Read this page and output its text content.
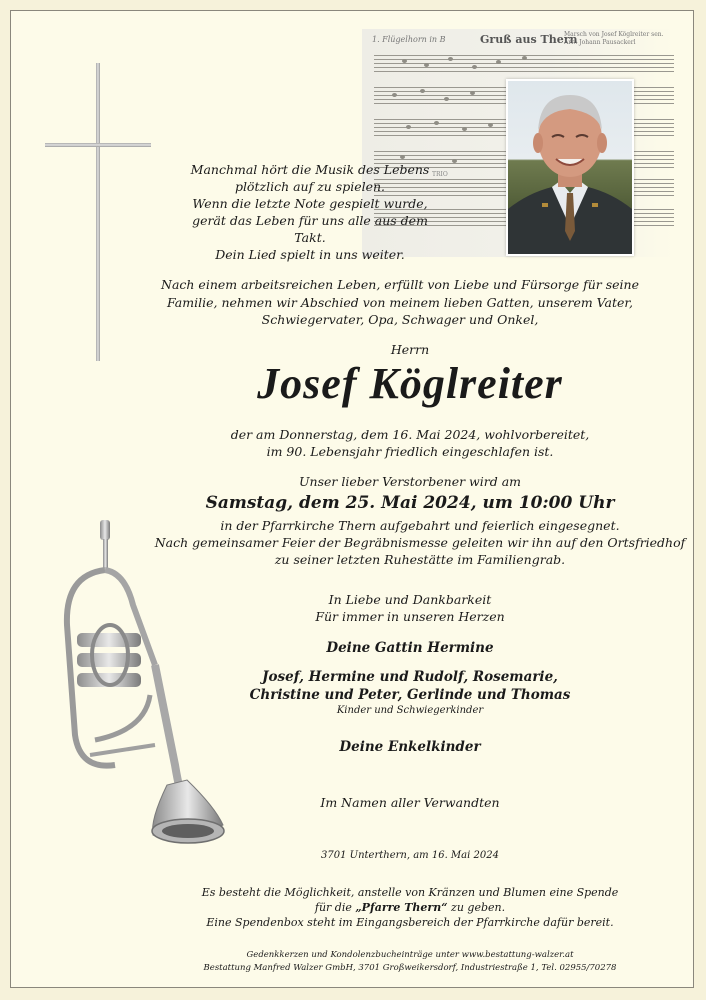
1. Flügelhorn in B	Gruß aus Thern
Marsch von Josef Köglreiter sen.
Arr.: Johann Pausackerl
TRIO
Manchmal hört die Musik des Lebens
plötzlich auf zu spielen.
Wenn die letzte Note gespielt wurde,
gerät das Leben für uns alle aus dem Takt.
Dein Lied spielt in uns weiter.
Nach einem arbeitsreichen Leben, erfüllt von Liebe und Fürsorge für seine
Familie, nehmen wir Abschied von meinem lieben Gatten, unserem Vater,
Schwiegervater, Opa, Schwager und Onkel,
Herrn
Josef Köglreiter
der am Donnerstag, dem 16. Mai 2024, wohlvorbereitet,
im 90. Lebensjahr friedlich eingeschlafen ist.
Unser lieber Verstorbener wird am
Samstag, dem 25. Mai 2024, um 10:00 Uhr
in der Pfarrkirche Thern aufgebahrt und feierlich eingesegnet.
Nach gemeinsamer Feier der Begräbnismesse geleiten wir ihn auf den Ortsfriedhof
zu seiner letzten Ruhestätte im Familiengrab.
In Liebe und Dankbarkeit
Für immer in unseren Herzen
Deine Gattin Hermine
Josef, Hermine und Rudolf, Rosemarie,
Christine und Peter, Gerlinde und Thomas
Kinder und Schwiegerkinder
Deine Enkelkinder
Im Namen aller Verwandten
3701 Unterthern, am 16. Mai 2024
Es besteht die Möglichkeit, anstelle von Kränzen und Blumen eine Spende
für die „Pfarre Thern“ zu geben.
Eine Spendenbox steht im Eingangsbereich der Pfarrkirche dafür bereit.
Gedenkkerzen und Kondolenzbucheinträge unter www.bestattung-walzer.at
Bestattung Manfred Walzer GmbH, 3701 Großweikersdorf, Industriestraße 1, Tel. 02955/70278
